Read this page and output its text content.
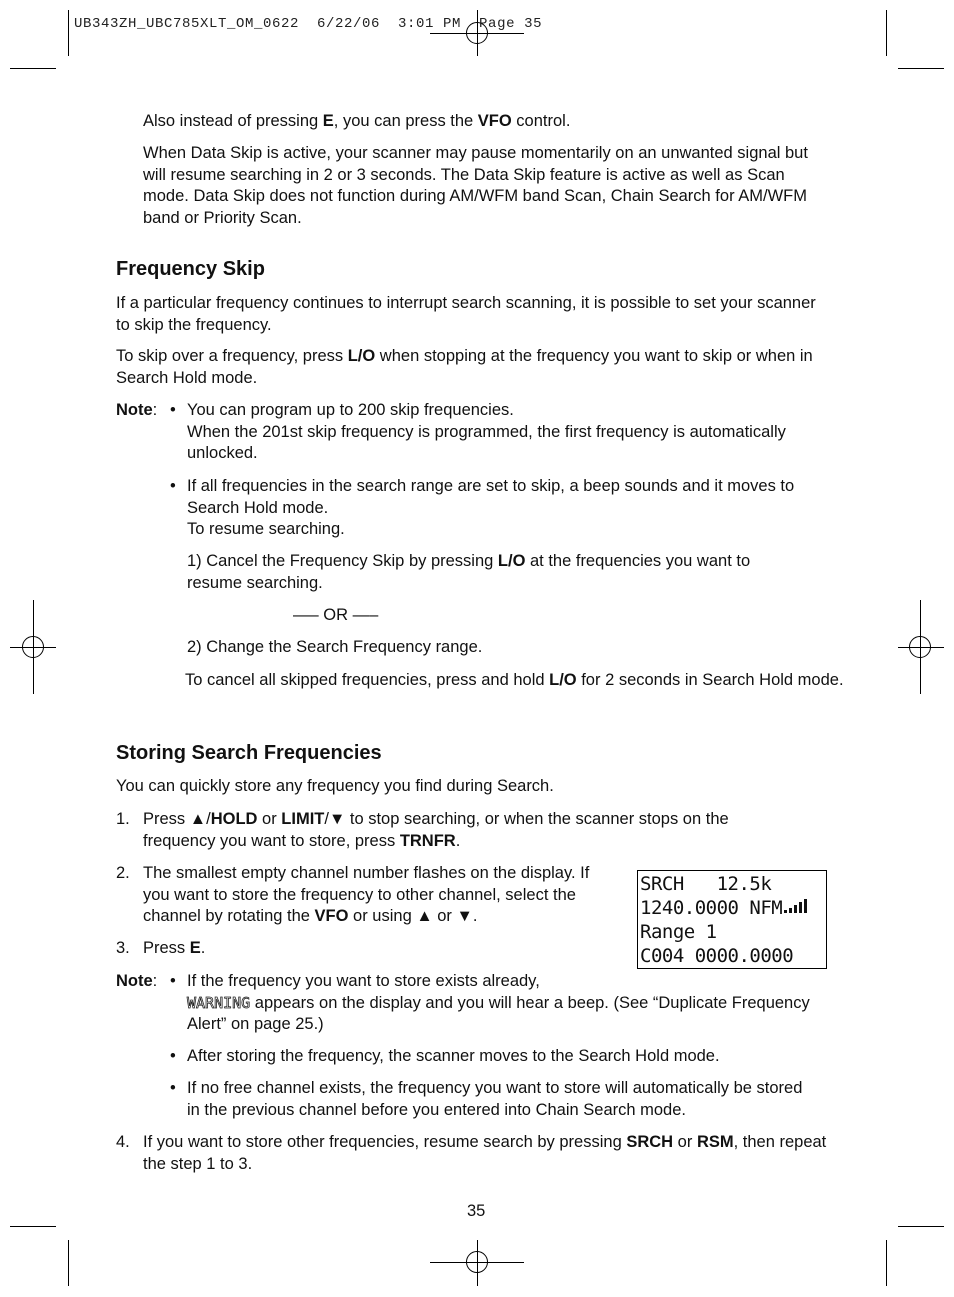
UB343ZH_UBC785XLT_OM_0622  6/22/06  3:01 PM  Page 35

Also instead of pressing E, you can press the VFO control.

When Data Skip is active, your scanner may pause momentarily on an unwanted signal but will resume searching in 2 or 3 seconds. The Data Skip feature is active as well as Scan mode. Data Skip does not function during AM/WFM band Scan, Chain Search for AM/WFM band or Priority Scan.

Frequency Skip

If a particular frequency continues to interrupt search scanning, it is possible to set your scanner to skip the frequency.

To skip over a frequency, press L/O when stopping at the frequency you want to skip or when in Search Hold mode.

Note: • You can program up to 200 skip frequencies.
When the 201st skip frequency is programmed, the first frequency is automatically unlocked.

• If all frequencies in the search range are set to skip, a beep sounds and it moves to Search Hold mode.
To resume searching.

1) Cancel the Frequency Skip by pressing L/O at the frequencies you want to resume searching.

—– OR —–

2) Change the Search Frequency range.

To cancel all skipped frequencies, press and hold L/O for 2 seconds in Search Hold mode.

Storing Search Frequencies

You can quickly store any frequency you find during Search.

1. Press ▲/HOLD or LIMIT/▼ to stop searching, or when the scanner stops on the frequency you want to store, press TRNFR.

2. The smallest empty channel number flashes on the display. If you want to store the frequency to other channel, select the channel by rotating the VFO or using ▲ or ▼.

3. Press E.

SRCH   12.5k
1240.0000 NFM
Range 1
C004 0000.0000
Note: • If the frequency you want to store exists already,
WARNING appears on the display and you will hear a beep. (See “Duplicate Frequency Alert” on page 25.)

• After storing the frequency, the scanner moves to the Search Hold mode.

• If no free channel exists, the frequency you want to store will automatically be stored in the previous channel before you entered into Chain Search mode.

4. If you want to store other frequencies, resume search by pressing SRCH or RSM, then repeat the step 1 to 3.

35
